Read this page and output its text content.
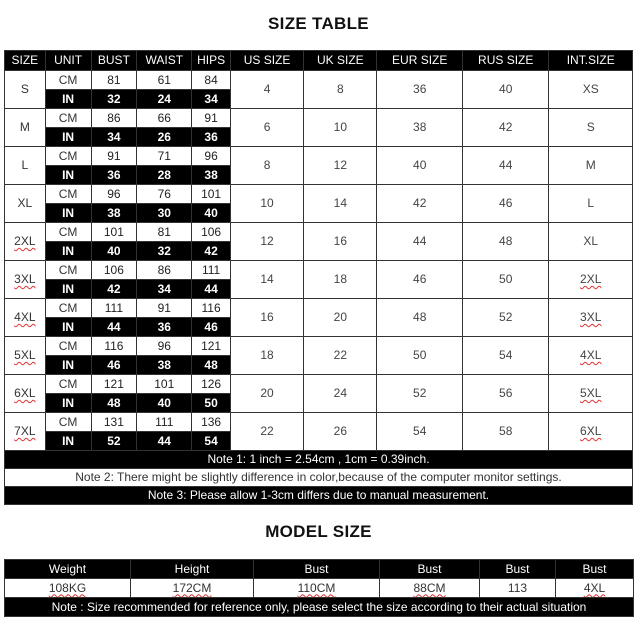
SIZE TABLE
SIZE	UNIT	BUST	WAIST	HIPS	US SIZE	UK SIZE	EUR SIZE	RUS SIZE	INT.SIZE
S	CM	81	61	84	4	8	36	40	XS
	IN	32	24	34					
M	CM	86	66	91	6	10	38	42	S
	IN	34	26	36					
L	CM	91	71	96	8	12	40	44	M
	IN	36	28	38					
XL	CM	96	76	101	10	14	42	46	L
	IN	38	30	40					
2XL	CM	101	81	106	12	16	44	48	XL
	IN	40	32	42					
3XL	CM	106	86	111	14	18	46	50	2XL
	IN	42	34	44					
4XL	CM	111	91	116	16	20	48	52	3XL
	IN	44	36	46					
5XL	CM	116	96	121	18	22	50	54	4XL
	IN	46	38	48					
6XL	CM	121	101	126	20	24	52	56	5XL
	IN	48	40	50					
7XL	CM	131	111	136	22	26	54	58	6XL
	IN	52	44	54					
Note 1: 1 inch = 2.54cm , 1cm = 0.39inch.									
Note 2: There might be slightly difference in color,because of the computer monitor settings.									
Note 3: Please allow 1-3cm differs due to manual measurement.									
MODEL SIZE
Weight	Height	Bust	Bust	Bust	Bust
108KG	172CM	110CM	88CM	113	4XL
Note : Size recommended for reference only, please select the size according to their actual situation					
